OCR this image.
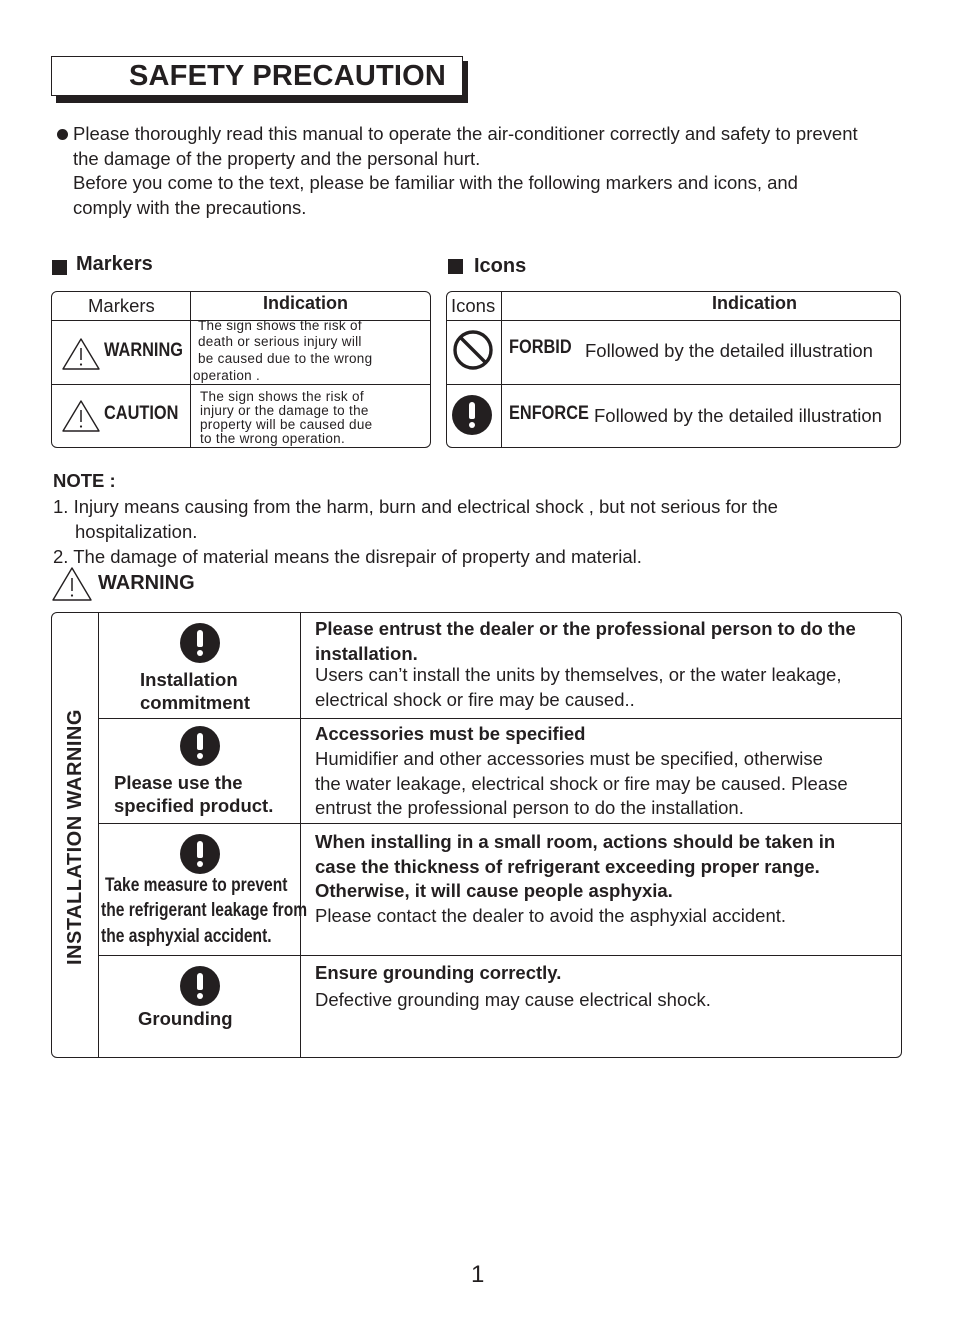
SAFETY PRECAUTION
Please thoroughly read this manual to operate the air-conditioner correctly and safety to prevent
the damage of the property and the personal hurt.
Before you come to the text, please be familiar with the following markers and icons, and
comply with the precautions.
Markers
Markers	Indication
WARNING
The sign shows the risk of
death or serious injury will
be caused due to the wrong
operation .
CAUTION
The sign shows the risk of
injury or the damage to the
property will be caused due
to the wrong operation.
Icons
Icons	Indication
FORBID Followed by the detailed illustration
ENFORCE Followed by the detailed illustration
NOTE :
1. Injury means causing from the harm, burn and electrical shock , but not serious for the
hospitalization.
2. The damage of material means the disrepair of property and material.
WARNING
INSTALLATION WARNING
Installation
commitment
Please entrust the dealer or the professional person to do the
installation.
Users can’t install the units by themselves, or the water leakage,
electrical shock or fire may be caused..
Please use the
specified product.
Accessories must be specified
Humidifier and other accessories must be specified, otherwise
the water leakage, electrical shock or fire may be caused. Please
entrust the professional person to do the installation.
Take measure to prevent
the refrigerant leakage from
the asphyxial accident.
When installing in a small room, actions should be taken in
case the thickness of refrigerant exceeding proper range.
Otherwise, it will cause people asphyxia.
Please contact the dealer to avoid the asphyxial accident.
Grounding
Ensure grounding correctly.
Defective grounding may cause electrical shock.
1
